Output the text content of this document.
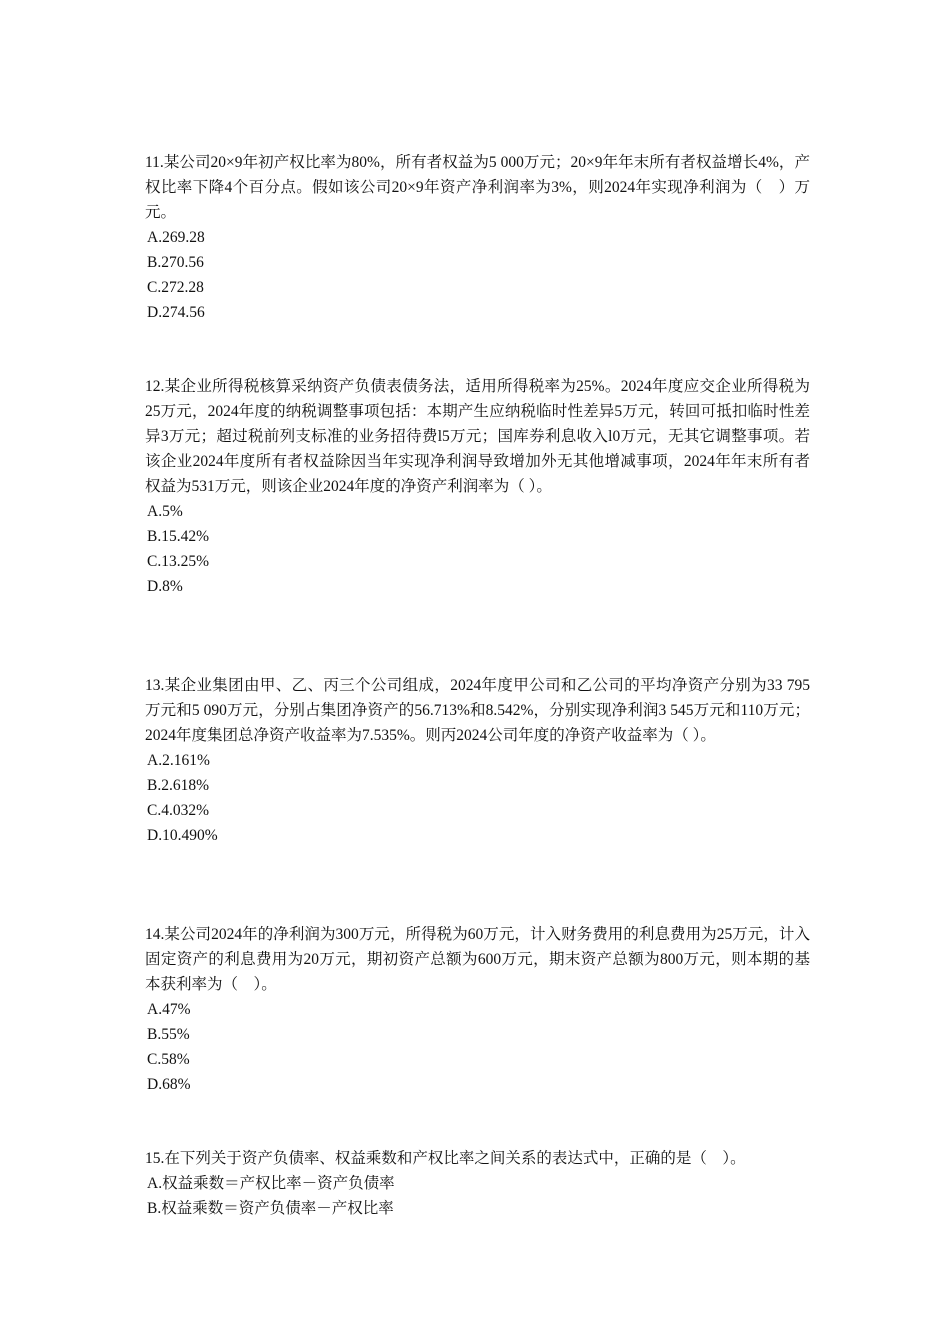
11.某公司20×9年初产权比率为80%，所有者权益为5 000万元；20×9年年末所有者权益增长4%，产权比率下降4个百分点。假如该公司20×9年资产净利润率为3%，则2024年实现净利润为（　）万元。

A.269.28
B.270.56
C.272.28
D.274.56

12.某企业所得税核算采纳资产负债表债务法，适用所得税率为25%。2024年度应交企业所得税为25万元，2024年度的纳税调整事项包括：本期产生应纳税临时性差异5万元，转回可抵扣临时性差异3万元；超过税前列支标准的业务招待费l5万元；国库券利息收入l0万元，无其它调整事项。若该企业2024年度所有者权益除因当年实现净利润导致增加外无其他增减事项，2024年年末所有者权益为531万元，则该企业2024年度的净资产利润率为（ ）。

A.5%
B.15.42%
C.13.25%
D.8%

13.某企业集团由甲、乙、丙三个公司组成，2024年度甲公司和乙公司的平均净资产分别为33 795万元和5 090万元，分别占集团净资产的56.713%和8.542%，分别实现净利润3 545万元和110万元；2024年度集团总净资产收益率为7.535%。则丙2024公司年度的净资产收益率为（ ）。

A.2.161%
B.2.618%
C.4.032%
D.10.490%

14.某公司2024年的净利润为300万元，所得税为60万元，计入财务费用的利息费用为25万元，计入固定资产的利息费用为20万元，期初资产总额为600万元，期末资产总额为800万元，则本期的基本获利率为（　）。

A.47%
B.55%
C.58%
D.68%

15.在下列关于资产负债率、权益乘数和产权比率之间关系的表达式中，正确的是（　）。

A.权益乘数＝产权比率－资产负债率
B.权益乘数＝资产负债率－产权比率
